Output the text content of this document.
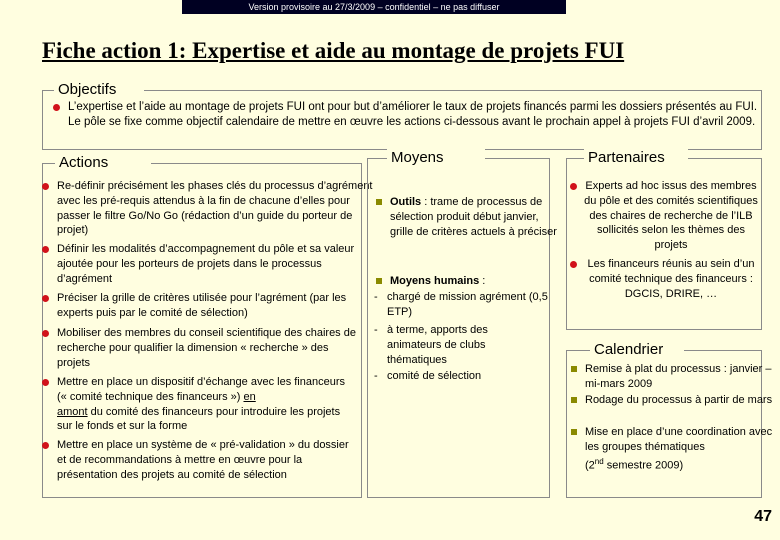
Version provisoire au 27/3/2009 – confidentiel – ne pas diffuser
Fiche action 1: Expertise et aide au montage de projets FUI
Objectifs
L’expertise et l’aide au montage de projets FUI ont pour but d’améliorer le taux de projets financés parmi les dossiers présentés au FUI. Le pôle se fixe comme objectif calendaire de mettre en œuvre les actions ci-dessous avant le prochain appel à projets FUI d’avril 2009.
Actions
Re-définir précisément les phases clés du processus d’agrément avec les pré-requis attendus à la fin de chacune d’elles pour passer le filtre Go/No Go (rédaction d’un guide du porteur de projet)
Définir les modalités d’accompagnement du pôle et sa valeur ajoutée pour les porteurs de projets dans le processus d’agrément
Préciser la grille de critères utilisée pour l’agrément (par les experts puis par le comité de sélection)
Mobiliser des membres du conseil scientifique des chaires de recherche pour qualifier la dimension « recherche » des projets
Mettre en place un dispositif d’échange avec les financeurs (« comité technique des financeurs ») en
amont du comité des financeurs pour introduire les projets sur le fonds et sur la forme
Mettre en place un système de « pré-validation » du dossier et de recommandations à mettre en œuvre pour la présentation des projets au comité de sélection
Moyens
Outils : trame de processus de sélection produit début janvier, grille de critères actuels à préciser
Moyens humains :
- chargé de mission agrément (0,5 ETP)
- à terme, apports des animateurs de clubs thématiques
- comité de sélection
Partenaires
Experts ad hoc issus des membres du pôle et des comités scientifiques des chaires de recherche de l’ILB sollicités selon les thèmes des projets
Les financeurs réunis au sein d’un comité technique des financeurs : DGCIS, DRIRE, …
Calendrier
Remise à plat du processus : janvier – mi-mars 2009
Rodage du processus à partir de mars
Mise en place d’une coordination avec les groupes thématiques
(2nd semestre 2009)
47
